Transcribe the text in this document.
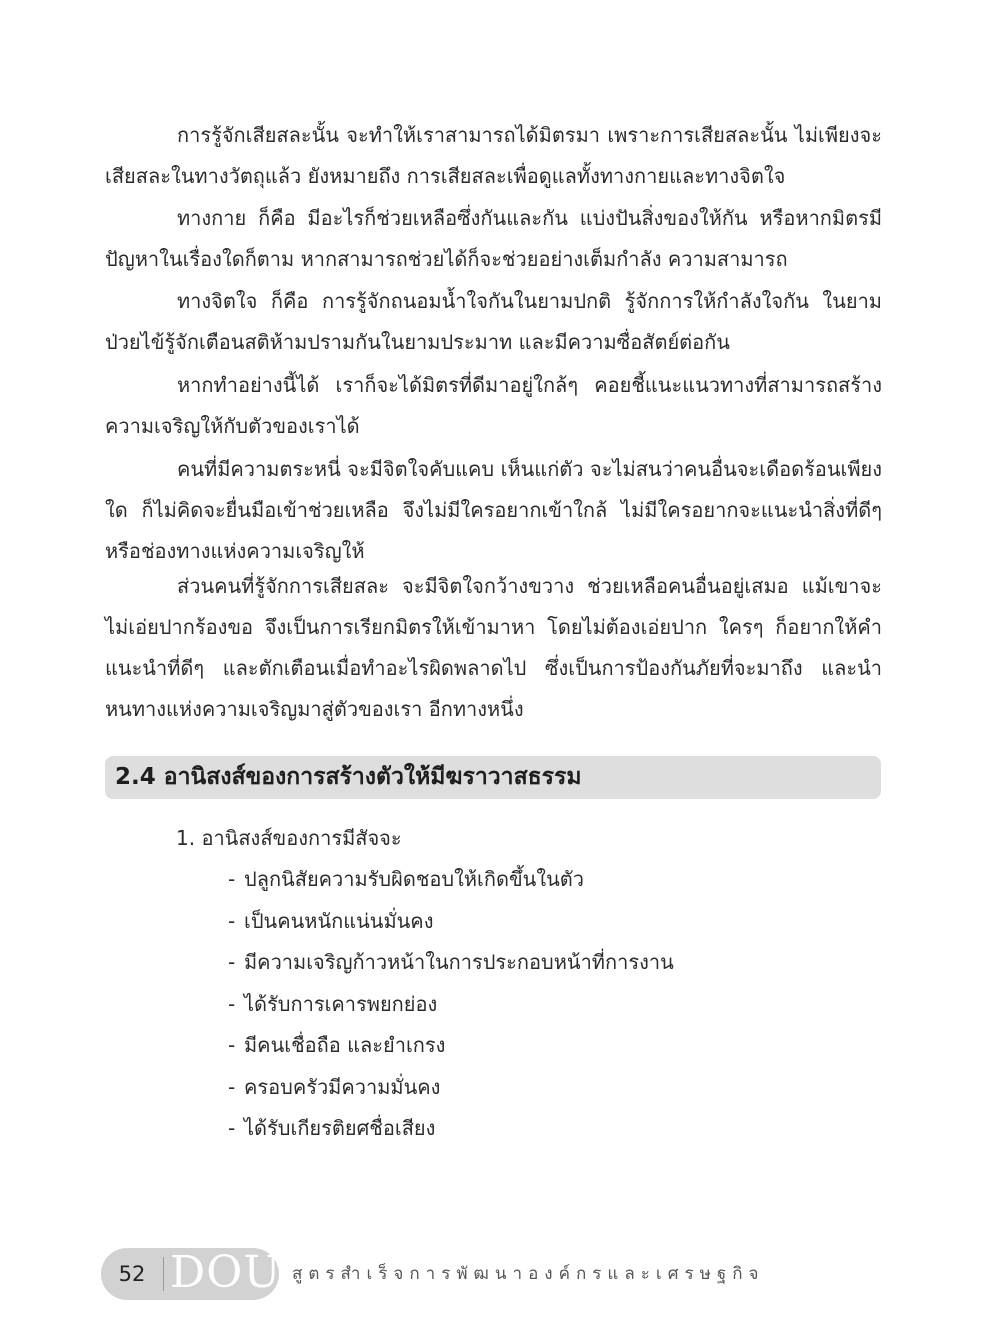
การรู้จักเสียสละนั้น จะทำให้เราสามารถได้มิตรมา เพราะการเสียสละนั้น ไม่เพียงจะเสียสละในทางวัตถุแล้ว ยังหมายถึง การเสียสละเพื่อดูแลทั้งทางกายและทางจิตใจ

ทางกาย ก็คือ มีอะไรก็ช่วยเหลือซึ่งกันและกัน แบ่งปันสิ่งของให้กัน หรือหากมิตรมีปัญหาในเรื่องใดก็ตาม หากสามารถช่วยได้ก็จะช่วยอย่างเต็มกำลัง ความสามารถ

ทางจิตใจ ก็คือ การรู้จักถนอมน้ำใจกันในยามปกติ รู้จักการให้กำลังใจกัน ในยามป่วยไข้รู้จักเตือนสติห้ามปรามกันในยามประมาท และมีความซื่อสัตย์ต่อกัน

หากทำอย่างนี้ได้ เราก็จะได้มิตรที่ดีมาอยู่ใกล้ๆ คอยชี้แนะแนวทางที่สามารถสร้างความเจริญให้กับตัวของเราได้

คนที่มีความตระหนี่ จะมีจิตใจคับแคบ เห็นแก่ตัว จะไม่สนว่าคนอื่นจะเดือดร้อนเพียงใด ก็ไม่คิดจะยื่นมือเข้าช่วยเหลือ จึงไม่มีใครอยากเข้าใกล้ ไม่มีใครอยากจะแนะนำสิ่งที่ดีๆ หรือช่องทางแห่งความเจริญให้

ส่วนคนที่รู้จักการเสียสละ จะมีจิตใจกว้างขวาง ช่วยเหลือคนอื่นอยู่เสมอ แม้เขาจะไม่เอ่ยปากร้องขอ จึงเป็นการเรียกมิตรให้เข้ามาหา โดยไม่ต้องเอ่ยปาก ใครๆ ก็อยากให้คำแนะนำที่ดีๆ และตักเตือนเมื่อทำอะไรผิดพลาดไป ซึ่งเป็นการป้องกันภัยที่จะมาถึง และนำหนทางแห่งความเจริญมาสู่ตัวของเรา อีกทางหนึ่ง

2.4 อานิสงส์ของการสร้างตัวให้มีฆราวาสธรรม
1. อานิสงส์ของการมีสัจจะ
- ปลูกนิสัยความรับผิดชอบให้เกิดขึ้นในตัว
- เป็นคนหนักแน่นมั่นคง
- มีความเจริญก้าวหน้าในการประกอบหน้าที่การงาน
- ได้รับการเคารพยกย่อง
- มีคนเชื่อถือ และยำเกรง
- ครอบครัวมีความมั่นคง
- ได้รับเกียรติยศชื่อเสียง
52 DOU สูตรสำเร็จการพัฒนาองค์กรและเศรษฐกิจ
